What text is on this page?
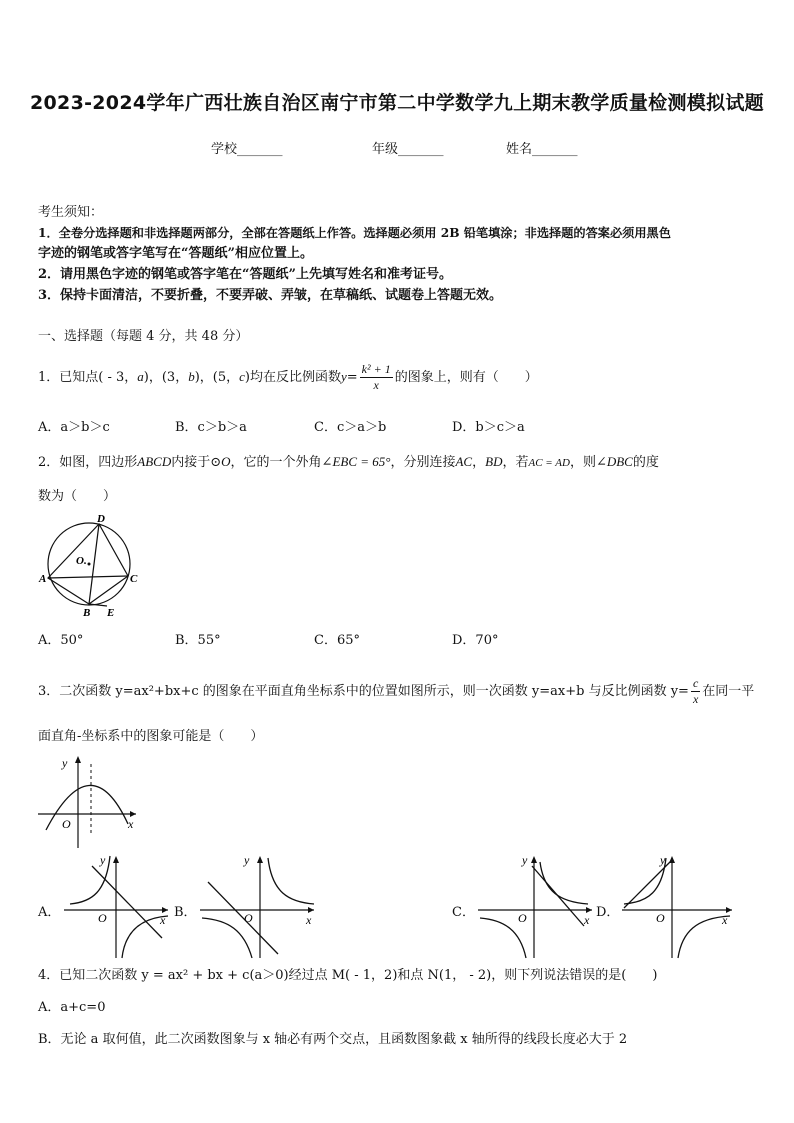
2023-2024学年广西壮族自治区南宁市第二中学数学九上期末教学质量检测模拟试题
学校_______	年级_______	姓名_______
考生须知：
1．全卷分选择题和非选择题两部分，全部在答题纸上作答。选择题必须用 2B 铅笔填涂；非选择题的答案必须用黑色
字迹的钢笔或答字笔写在“答题纸”相应位置上。
2．请用黑色字迹的钢笔或答字笔在“答题纸”上先填写姓名和准考证号。
3．保持卡面清洁，不要折叠，不要弄破、弄皱，在草稿纸、试题卷上答题无效。
一、选择题（每题 4 分，共 48 分）
1．已知点( - 3，a)，(3，b)，(5，c)均在反比例函数$y= \frac{\text{k² + 1}}{x}$ 的图象上，则有（　　）
A．a＞b＞c	B．c＞b＞a	C．c＞a＞b	D．b＞c＞a
2．如图，四边形ABCD内接于⊙O，它的一个外角∠EBC = 65°，分别连接AC，BD，若AC = AD，则∠DBC的度
数为（　　）
D
O.
A	C
B E
A．50°	B．55°	C．65°	D．70°
3．二次函数 y=ax²+bx+c 的图象在平面直角坐标系中的位置如图所示，则一次函数 y=ax+b 与反比例函数 $y= \frac{c}{x}$ 在同一平
面直角‑坐标系中的图象可能是（　　）
y
O	x
A．
y
O	x B．
y
O	x	C．
y
O	x D．
y
O	x
4．已知二次函数 y = ax² + bx + c(a＞0)经过点 M( - 1，2)和点 N(1， - 2)，则下列说法错误的是(　　)
A．a+c=0
B．无论 a 取何值，此二次函数图象与 x 轴必有两个交点，且函数图象截 x 轴所得的线段长度必大于 2
